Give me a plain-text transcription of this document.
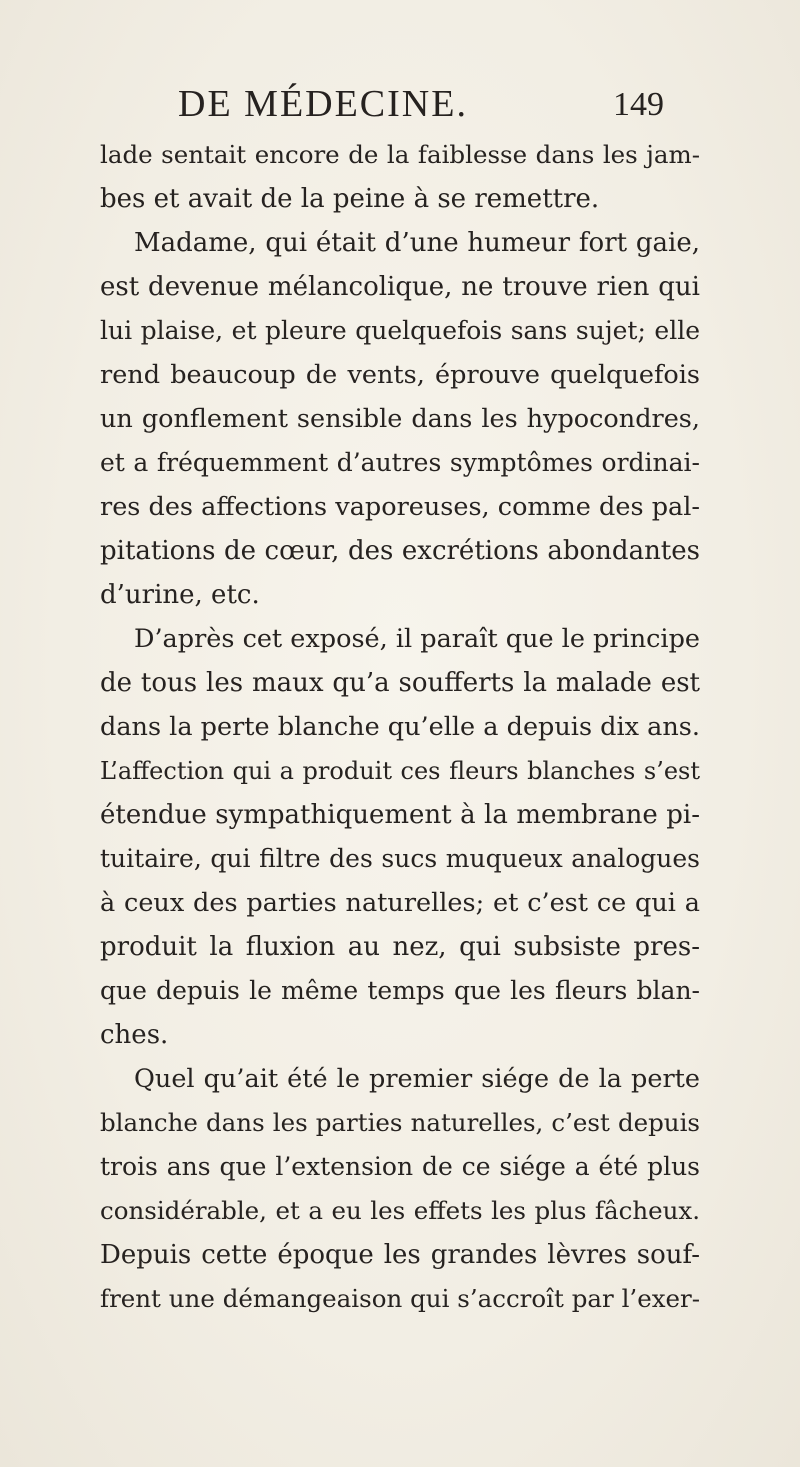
DE MÉDECINE.	149
lade sentait encore de la faiblesse dans les jam-
bes et avait de la peine à se remettre.
Madame, qui était d’une humeur fort gaie,
est devenue mélancolique, ne trouve rien qui
lui plaise, et pleure quelquefois sans sujet; elle
rend beaucoup de vents, éprouve quelquefois
un gonflement sensible dans les hypocondres,
et a fréquemment d’autres symptômes ordinai-
res des affections vaporeuses, comme des pal-
pitations de cœur, des excrétions abondantes
d’urine, etc.
D’après cet exposé, il paraît que le principe
de tous les maux qu’a soufferts la malade est
dans la perte blanche qu’elle a depuis dix ans.
L’affection qui a produit ces fleurs blanches s’est
étendue sympathiquement à la membrane pi-
tuitaire, qui filtre des sucs muqueux analogues
à ceux des parties naturelles; et c’est ce qui a
produit la fluxion au nez, qui subsiste pres-
que depuis le même temps que les fleurs blan-
ches.
Quel qu’ait été le premier siége de la perte
blanche dans les parties naturelles, c’est depuis
trois ans que l’extension de ce siége a été plus
considérable, et a eu les effets les plus fâcheux.
Depuis cette époque les grandes lèvres souf-
frent une démangeaison qui s’accroît par l’exer-
